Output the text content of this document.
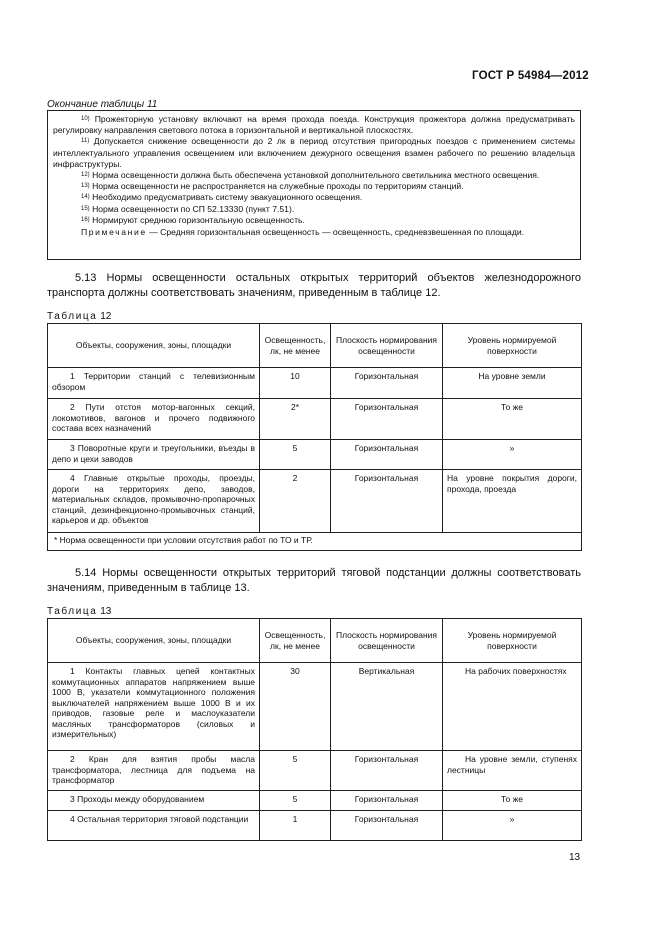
ГОСТ Р 54984—2012
Окончание таблицы 11

$^{10)}$ Прожекторную установку включают на время прохода поезда. Конструкция прожектора должна предусматривать регулировку направления светового потока в горизонтальной и вертикальной плоскостях.

$^{11)}$ Допускается снижение освещенности до 2 лк в период отсутствия пригородных поездов с применением системы интеллектуального управления освещением или включением дежурного освещения взамен рабочего по решению владельца инфраструктуры.

$^{12)}$ Норма освещенности должна быть обеспечена установкой дополнительного светильника местного освещения.

$^{13)}$ Норма освещенности не распространяется на служебные проходы по территориям станций.

$^{14)}$ Необходимо предусматривать систему эвакуационного освещения.

$^{15)}$ Норма освещенности по СП 52.13330 (пункт 7.51).

$^{16)}$ Нормируют среднюю горизонтальную освещенность.

Примечание — Средняя горизонтальная освещенность — освещенность, средневзвешенная по площади.

5.13 Нормы освещенности остальных открытых территорий объектов железнодорожного транспорта должны соответствовать значениям, приведенным в таблице 12.
Таблица 12
Объекты, сооружения, зоны, площадки	Освещенность, лк, не менее	Плоскость нормирования освещенности	Уровень нормируемой поверхности
1 Территории станций с телевизионным обзором	10	Горизонтальная	На уровне земли
2 Пути отстоя мотор-вагонных секций, локомотивов, вагонов и прочего подвижного состава всех назначений	2*	Горизонтальная	То же
3 Поворотные круги и треугольники, въезды в депо и цехи заводов	5	Горизонтальная	»
4 Главные открытые проходы, проезды, дороги на территориях депо, заводов, материальных складов, промывочно-пропарочных станций, дезинфекционно-промывочных станций, карьеров и др. объектов	2	Горизонтальная	На уровне покрытия дороги, прохода, проезда
* Норма освещенности при условии отсутствия работ по ТО и ТР.			
5.14 Нормы освещенности открытых территорий тяговой подстанции должны соответствовать значениям, приведенным в таблице 13.
Таблица 13
Объекты, сооружения, зоны, площадки	Освещенность, лк, не менее	Плоскость нормирования освещенности	Уровень нормируемой поверхности
1 Контакты главных цепей контактных коммутационных аппаратов напряжением выше 1000 В, указатели коммутационного положения выключателей напряжением выше 1000 В и их приводов, газовые реле и маслоуказатели масляных трансформаторов (силовых и измерительных)	30	Вертикальная	На рабочих поверхностях
2 Кран для взятия пробы масла трансформатора, лестница для подъема на трансформатор	5	Горизонтальная	На уровне земли, ступенях лестницы
3 Проходы между оборудованием	5	Горизонтальная	То же
4 Остальная территория тяговой подстанции	1	Горизонтальная	»
13
